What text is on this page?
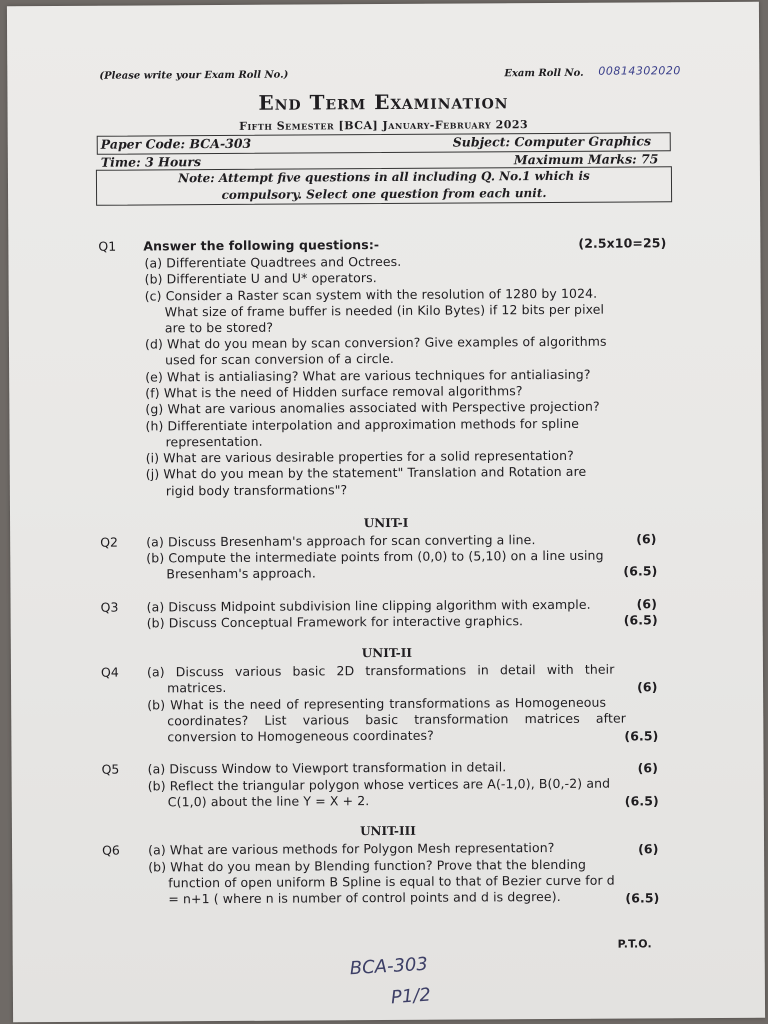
(Please write your Exam Roll No.)	Exam Roll No. 00814302020
End Term Examination
Fifth Semester [BCA] January-February 2023
Paper Code: BCA-303	Subject: Computer Graphics
Time: 3 Hours	Maximum Marks: 75
Note: Attempt five questions in all including Q. No.1 which is
compulsory. Select one question from each unit.
Q1 Answer the following questions:-	(2.5x10=25)
(a) Differentiate Quadtrees and Octrees.
(b) Differentiate U and U* operators.
(c) Consider a Raster scan system with the resolution of 1280 by 1024.
What size of frame buffer is needed (in Kilo Bytes) if 12 bits per pixel
are to be stored?
(d) What do you mean by scan conversion? Give examples of algorithms
used for scan conversion of a circle.
(e) What is antialiasing? What are various techniques for antialiasing?
(f) What is the need of Hidden surface removal algorithms?
(g) What are various anomalies associated with Perspective projection?
(h) Differentiate interpolation and approximation methods for spline
representation.
(i) What are various desirable properties for a solid representation?
(j) What do you mean by the statement" Translation and Rotation are
rigid body transformations"?
UNIT-I
Q2 (a) Discuss Bresenham's approach for scan converting a line.	(6)
(b) Compute the intermediate points from (0,0) to (5,10) on a line using
Bresenham's approach.	(6.5)
Q3 (a) Discuss Midpoint subdivision line clipping algorithm with example.	(6)
(b) Discuss Conceptual Framework for interactive graphics.	(6.5)
UNIT-II
Q4 (a) Discuss various basic 2D transformations in detail with their
matrices.	(6)
(b) What is the need of representing transformations as Homogeneous
coordinates? List various basic transformation matrices after
conversion to Homogeneous coordinates?	(6.5)
Q5 (a) Discuss Window to Viewport transformation in detail.	(6)
(b) Reflect the triangular polygon whose vertices are A(-1,0), B(0,-2) and
C(1,0) about the line Y = X + 2.	(6.5)
UNIT-III
Q6 (a) What are various methods for Polygon Mesh representation?	(6)
(b) What do you mean by Blending function? Prove that the blending
function of open uniform B Spline is equal to that of Bezier curve for d
= n+1 ( where n is number of control points and d is degree).	(6.5)
P.T.O.
BCA-303
P1/2
